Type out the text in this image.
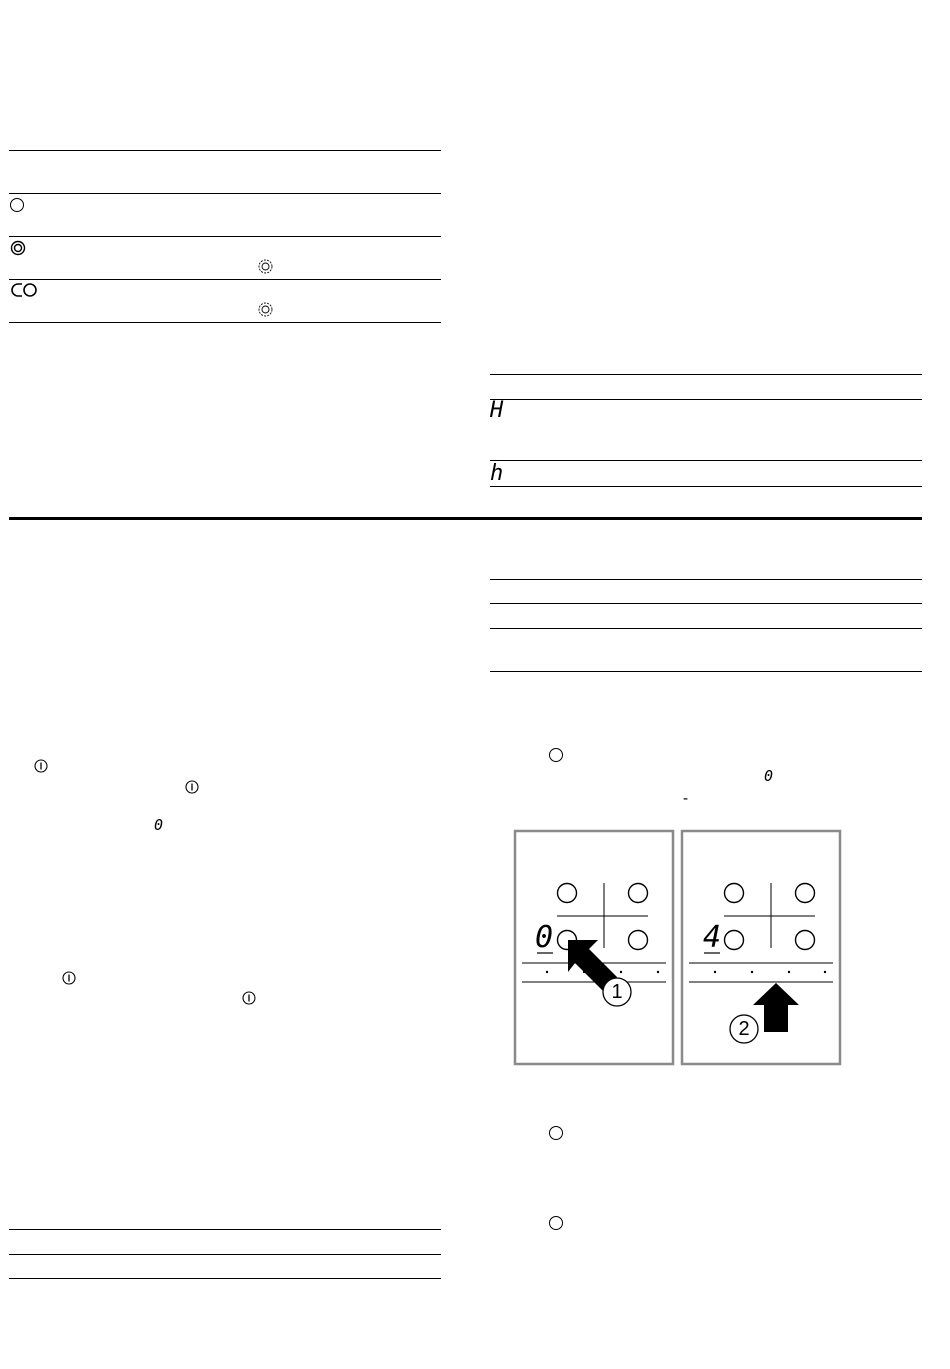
H
h
0
0
-
0	4
1
2
